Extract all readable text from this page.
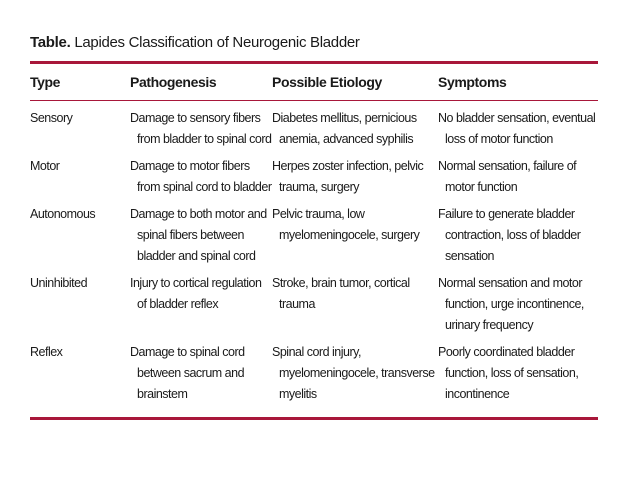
Table. Lapides Classification of Neurogenic Bladder
Type	Pathogenesis	Possible Etiology	Symptoms
Sensory	Damage to sensory fibers from bladder to spinal cord	Diabetes mellitus, pernicious anemia, advanced syphilis	No bladder sensation, eventual loss of motor function

Motor	Damage to motor fibers from spinal cord to bladder	Herpes zoster infection, pelvic trauma, surgery	Normal sensation, failure of motor function

Autonomous	Damage to both motor and spinal fibers between bladder and spinal cord	Pelvic trauma, low myelomeningocele, surgery	Failure to generate bladder contraction, loss of bladder sensation

Uninhibited	Injury to cortical regulation of bladder reflex	Stroke, brain tumor, cortical trauma	Normal sensation and motor function, urge incontinence, urinary frequency

Reflex	Damage to spinal cord between sacrum and brainstem	Spinal cord injury, myelomeningocele, transverse myelitis	Poorly coordinated bladder function, loss of sensation, incontinence
